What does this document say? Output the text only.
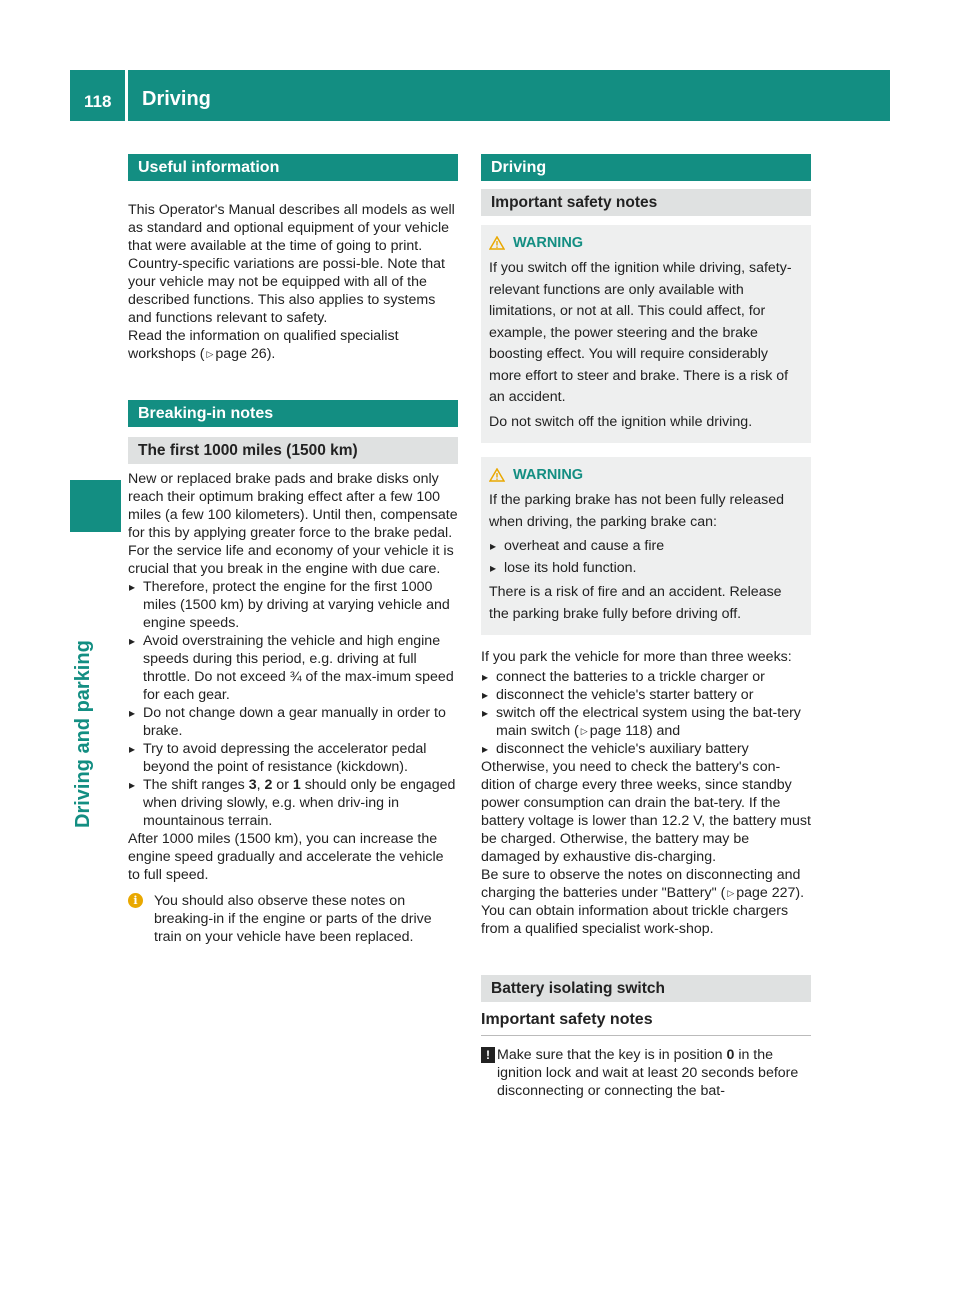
118 Driving
Driving and parking
Useful information

This Operator's Manual describes all models as well as standard and optional equipment of your vehicle that were available at the time of going to print. Country-specific variations are possi-ble. Note that your vehicle may not be equipped with all of the described functions. This also applies to systems and functions relevant to safety.

Read the information on qualified specialist workshops ( ▷ page 26).

Breaking-in notes
The first 1000 miles (1500 km)

New or replaced brake pads and brake disks only reach their optimum braking effect after a few 100 miles (a few 100 kilometers). Until then, compensate for this by applying greater force to the brake pedal.

For the service life and economy of your vehicle it is crucial that you break in the engine with due care.

▸ Therefore, protect the engine for the first 1000 miles (1500 km) by driving at varying vehicle and engine speeds.

▸ Avoid overstraining the vehicle and high engine speeds during this period, e.g. driving at full throttle. Do not exceed ¾ of the max-imum speed for each gear.

▸ Do not change down a gear manually in order to brake.

▸ Try to avoid depressing the accelerator pedal beyond the point of resistance (kickdown).

▸ The shift ranges 3, 2 or 1 should only be engaged when driving slowly, e.g. when driv-ing in mountainous terrain.

After 1000 miles (1500 km), you can increase the engine speed gradually and accelerate the vehicle to full speed.

i	You should also observe these notes on breaking-in if the engine or parts of the drive train on your vehicle have been replaced.

Driving
Important safety notes
WARNING

If you switch off the ignition while driving, safety-relevant functions are only available with limitations, or not at all. This could affect, for example, the power steering and the brake boosting effect. You will require considerably more effort to steer and brake. There is a risk of an accident.

Do not switch off the ignition while driving.

WARNING

If the parking brake has not been fully released when driving, the parking brake can:

▸ overheat and cause a fire

▸ lose its hold function.

There is a risk of fire and an accident. Release the parking brake fully before driving off.

If you park the vehicle for more than three weeks:

▸ connect the batteries to a trickle charger or

▸ disconnect the vehicle's starter battery or

▸ switch off the electrical system using the bat-tery main switch ( ▷ page 118) and

▸ disconnect the vehicle's auxiliary battery

Otherwise, you need to check the battery's con-dition of charge every three weeks, since standby power consumption can drain the bat-tery. If the battery voltage is lower than 12.2 V, the battery must be charged. Otherwise, the battery may be damaged by exhaustive dis-charging.

Be sure to observe the notes on disconnecting and charging the batteries under "Battery" ( ▷ page 227). You can obtain information about trickle chargers from a qualified specialist work-shop.

Battery isolating switch
Important safety notes

! Make sure that the key is in position 0 in the ignition lock and wait at least 20 seconds before disconnecting or connecting the bat-
